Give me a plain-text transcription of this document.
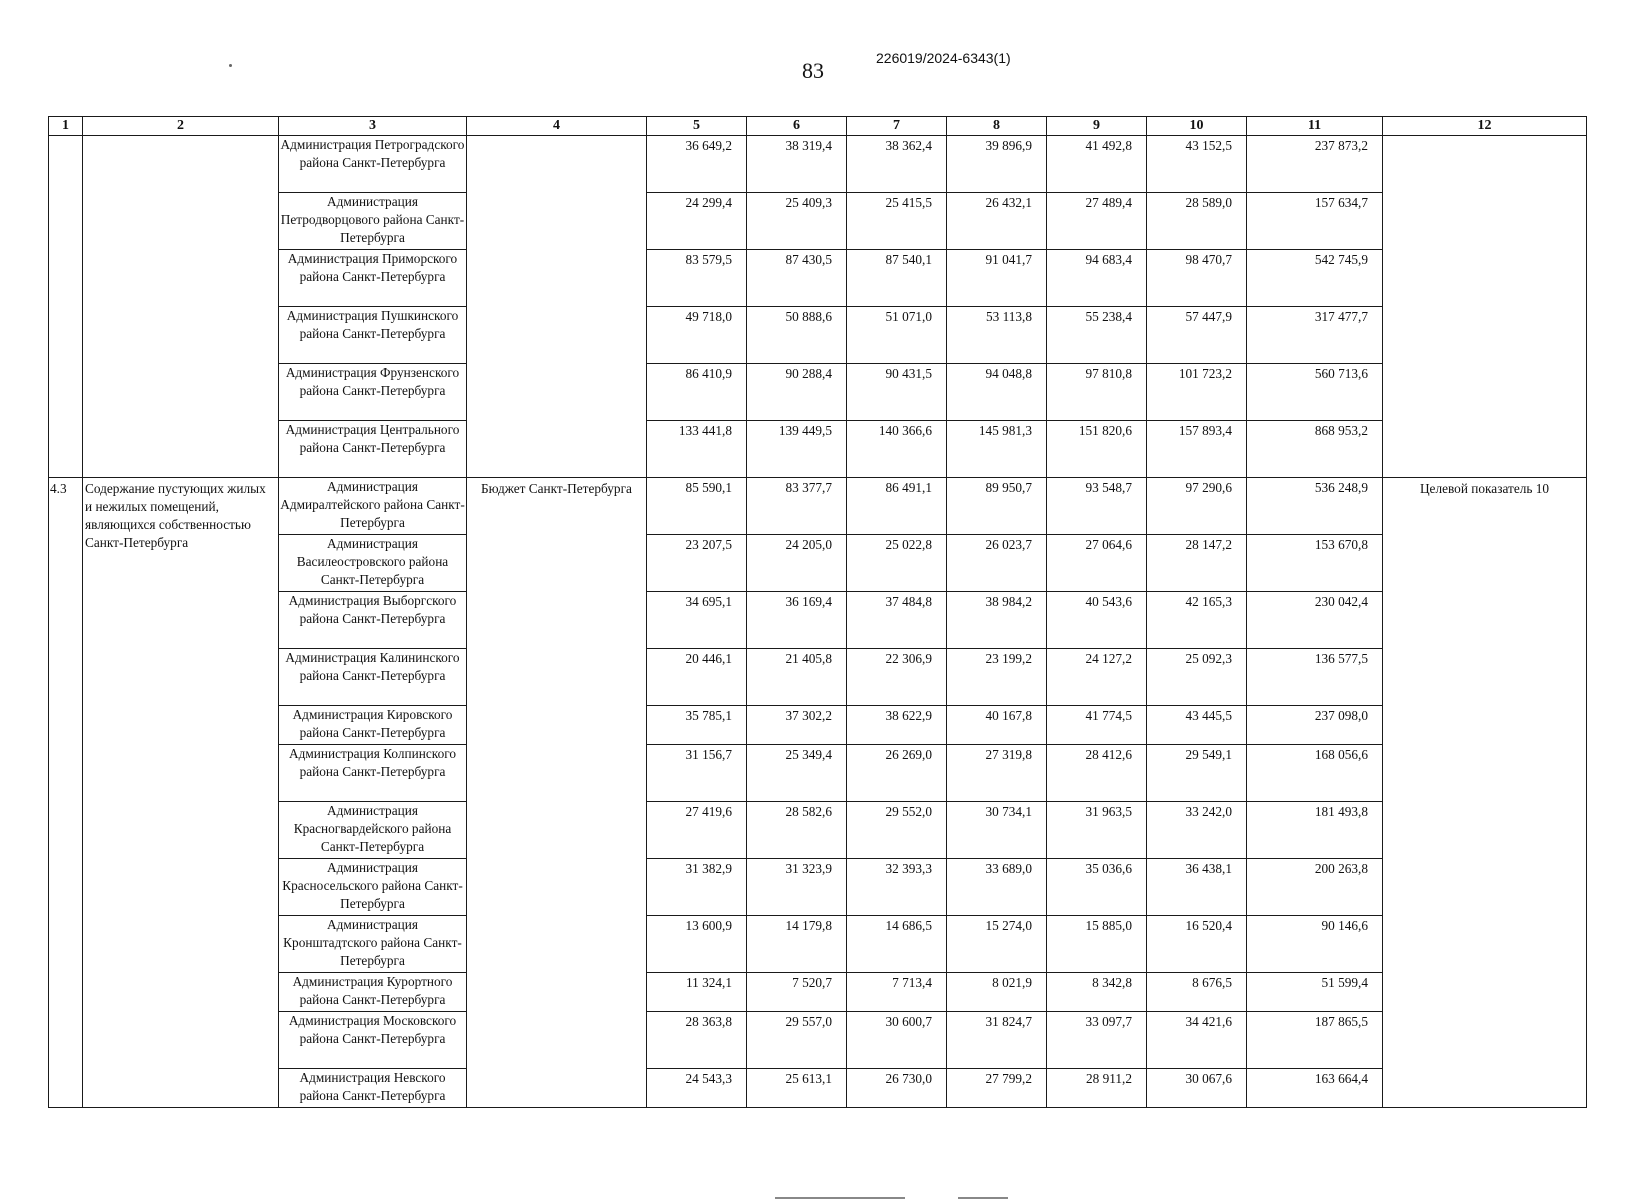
83	226019/2024-6343(1)
1	2	3	4	5	6	7	8	9	10	11	12
		Администрация Петроградского района Санкт-Петербурга		36 649,2	38 319,4	38 362,4	39 896,9	41 492,8	43 152,5	237 873,2	
		Администрация Петродворцового района Санкт-Петербурга		24 299,4	25 409,3	25 415,5	26 432,1	27 489,4	28 589,0	157 634,7	
		Администрация Приморского района Санкт-Петербурга		83 579,5	87 430,5	87 540,1	91 041,7	94 683,4	98 470,7	542 745,9	
		Администрация Пушкинского района Санкт-Петербурга		49 718,0	50 888,6	51 071,0	53 113,8	55 238,4	57 447,9	317 477,7	
		Администрация Фрунзенского района Санкт-Петербурга		86 410,9	90 288,4	90 431,5	94 048,8	97 810,8	101 723,2	560 713,6	
		Администрация Центрального района Санкт-Петербурга		133 441,8	139 449,5	140 366,6	145 981,3	151 820,6	157 893,4	868 953,2	
4.3	Содержание пустующих жилых и нежилых помещений, являющихся собственностью Санкт-Петербурга	Администрация Адмиралтейского района Санкт-Петербурга	Бюджет Санкт-Петербурга	85 590,1	83 377,7	86 491,1	89 950,7	93 548,7	97 290,6	536 248,9	Целевой показатель 10
		Администрация Василеостровского района Санкт-Петербурга		23 207,5	24 205,0	25 022,8	26 023,7	27 064,6	28 147,2	153 670,8	
		Администрация Выборгского района Санкт-Петербурга		34 695,1	36 169,4	37 484,8	38 984,2	40 543,6	42 165,3	230 042,4	
		Администрация Калининского района Санкт-Петербурга		20 446,1	21 405,8	22 306,9	23 199,2	24 127,2	25 092,3	136 577,5	
		Администрация Кировского района Санкт-Петербурга		35 785,1	37 302,2	38 622,9	40 167,8	41 774,5	43 445,5	237 098,0	
		Администрация Колпинского района Санкт-Петербурга		31 156,7	25 349,4	26 269,0	27 319,8	28 412,6	29 549,1	168 056,6	
		Администрация Красногвардейского района Санкт-Петербурга		27 419,6	28 582,6	29 552,0	30 734,1	31 963,5	33 242,0	181 493,8	
		Администрация Красносельского района Санкт-Петербурга		31 382,9	31 323,9	32 393,3	33 689,0	35 036,6	36 438,1	200 263,8	
		Администрация Кронштадтского района Санкт-Петербурга		13 600,9	14 179,8	14 686,5	15 274,0	15 885,0	16 520,4	90 146,6	
		Администрация Курортного района Санкт-Петербурга		11 324,1	7 520,7	7 713,4	8 021,9	8 342,8	8 676,5	51 599,4	
		Администрация Московского района Санкт-Петербурга		28 363,8	29 557,0	30 600,7	31 824,7	33 097,7	34 421,6	187 865,5	
		Администрация Невского района Санкт-Петербурга		24 543,3	25 613,1	26 730,0	27 799,2	28 911,2	30 067,6	163 664,4	
